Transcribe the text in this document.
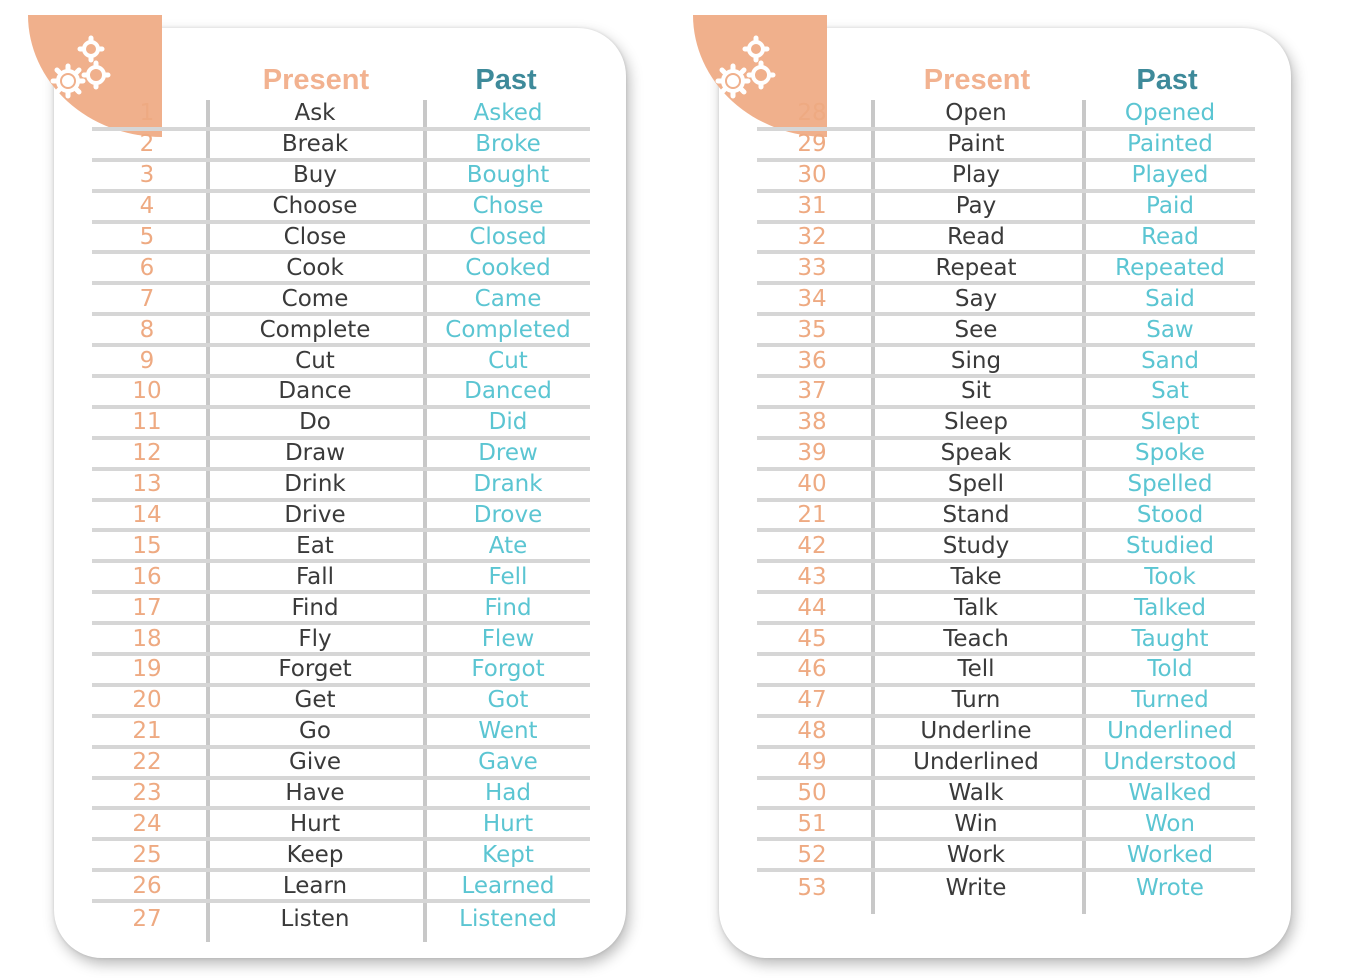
Present	Past
1	Ask	Asked
2	Break	Broke
3	Buy	Bought
4	Choose	Chose
5	Close	Closed
6	Cook	Cooked
7	Come	Came
8	Complete	Completed
9	Cut	Cut
10	Dance	Danced
11	Do	Did
12	Draw	Drew
13	Drink	Drank
14	Drive	Drove
15	Eat	Ate
16	Fall	Fell
17	Find	Find
18	Fly	Flew
19	Forget	Forgot
20	Get	Got
21	Go	Went
22	Give	Gave
23	Have	Had
24	Hurt	Hurt
25	Keep	Kept
26	Learn	Learned
27	Listen	Listened
Present	Past
28	Open	Opened
29	Paint	Painted
30	Play	Played
31	Pay	Paid
32	Read	Read
33	Repeat	Repeated
34	Say	Said
35	See	Saw
36	Sing	Sand
37	Sit	Sat
38	Sleep	Slept
39	Speak	Spoke
40	Spell	Spelled
21	Stand	Stood
42	Study	Studied
43	Take	Took
44	Talk	Talked
45	Teach	Taught
46	Tell	Told
47	Turn	Turned
48	Underline	Underlined
49	Underlined	Understood
50	Walk	Walked
51	Win	Won
52	Work	Worked
53	Write	Wrote
